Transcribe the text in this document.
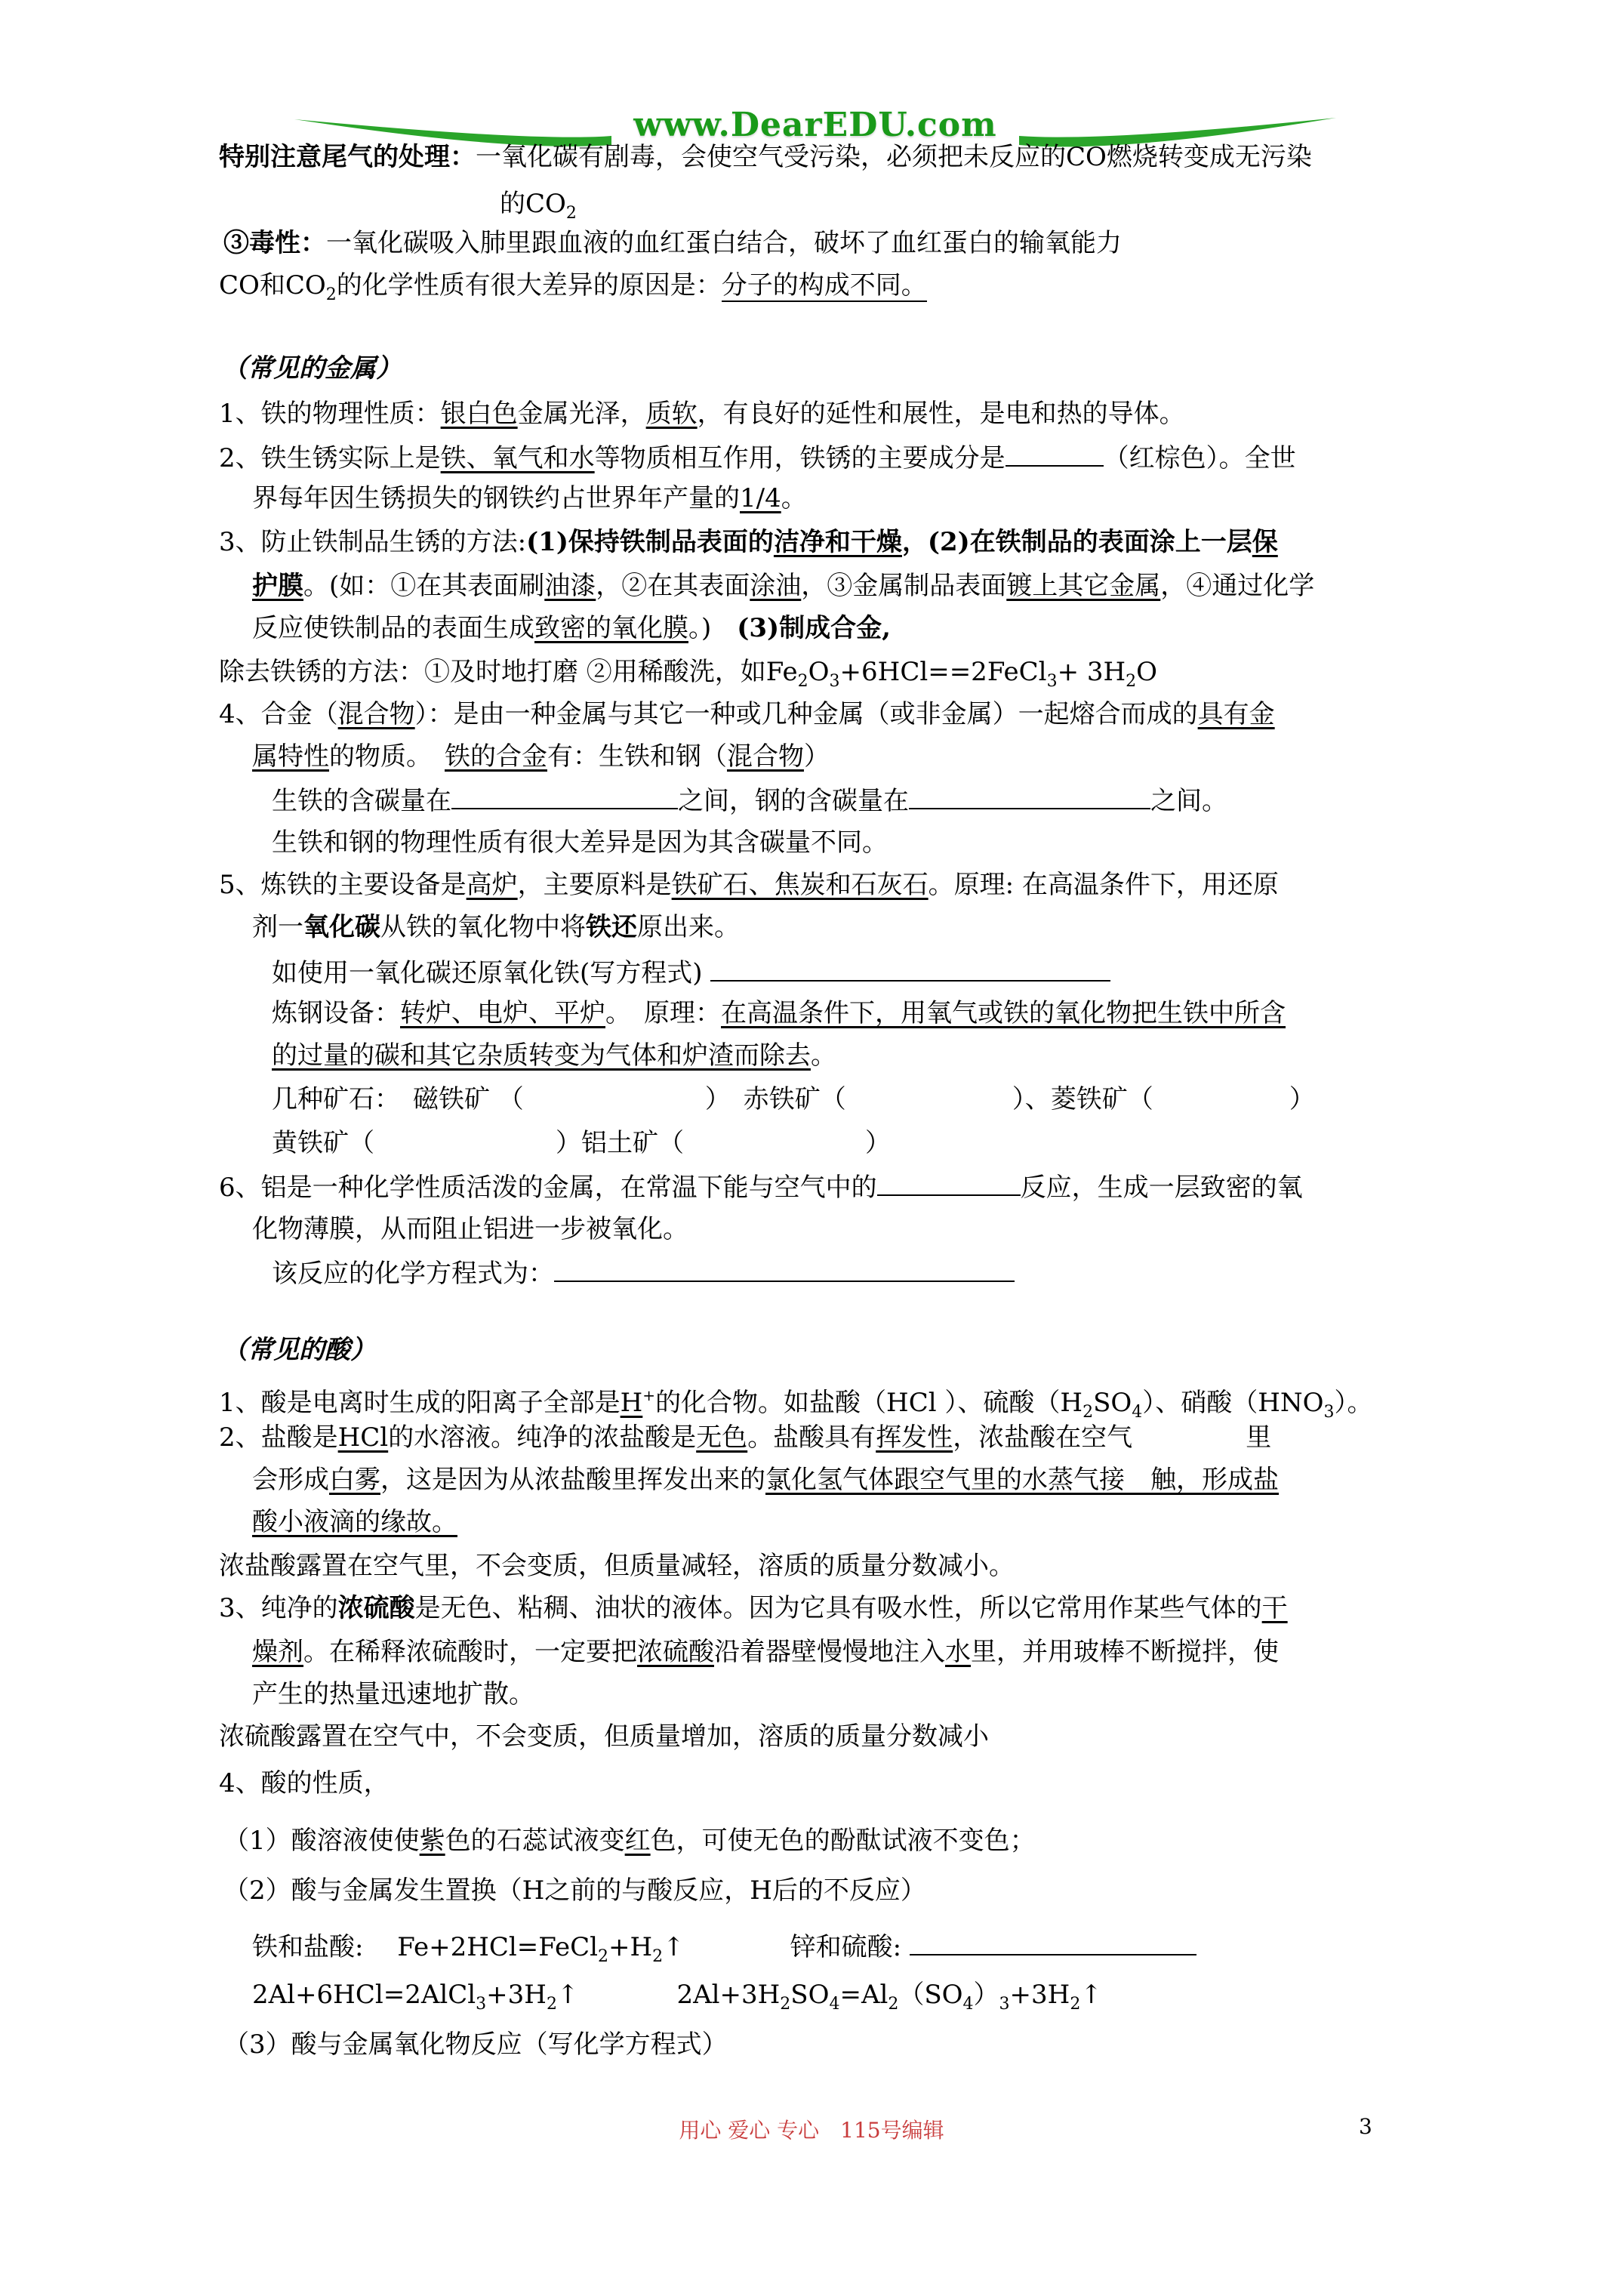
www.DearEDU.com
特别注意尾气的处理：一氧化碳有剧毒，会使空气受污染，必须把未反应的CO燃烧转变成无污染
的$CO_2$
③毒性：一氧化碳吸入肺里跟血液的血红蛋白结合，破坏了血红蛋白的输氧能力
CO和$CO_2$的化学性质有很大差异的原因是：分子的构成不同。
（常见的金属）
1、铁的物理性质：银白色金属光泽，质软，有良好的延性和展性，是电和热的导体。
2、铁生锈实际上是铁、氧气和水等物质相互作用，铁锈的主要成分是	（红棕色）。全世
界每年因生锈损失的钢铁约占世界年产量的1/4。
3、防止铁制品生锈的方法:(1)保持铁制品表面的洁净和干燥，(2)在铁制品的表面涂上一层保
护膜。(如：①在其表面刷油漆，②在其表面涂油，③金属制品表面镀上其它金属，④通过化学
反应使铁制品的表面生成致密的氧化膜。)　(3)制成合金,
除去铁锈的方法：①及时地打磨 ②用稀酸洗，如$Fe_2O_3+6HCl==2FeCl_3+ 3H_2O$
4、合金（混合物）：是由一种金属与其它一种或几种金属（或非金属）一起熔合而成的具有金
属特性的物质。　铁的合金有：生铁和钢（混合物）
生铁的含碳量在	之间，钢的含碳量在	之间。
生铁和钢的物理性质有很大差异是因为其含碳量不同。
5、炼铁的主要设备是高炉，主要原料是铁矿石、焦炭和石灰石。原理: 在高温条件下，用还原
剂一氧化碳从铁的氧化物中将铁还原出来。
如使用一氧化碳还原氧化铁(写方程式)
炼钢设备：转炉、电炉、平炉。　原理：在高温条件下，用氧气或铁的氧化物把生铁中所含
的过量的碳和其它杂质转变为气体和炉渣而除去。
几种矿石：　磁铁矿 （	）　赤铁矿（	）、菱铁矿（	）
黄铁矿（	）铝土矿（	）
6、铝是一种化学性质活泼的金属，在常温下能与空气中的	反应，生成一层致密的氧
化物薄膜，从而阻止铝进一步被氧化。
该反应的化学方程式为：
（常见的酸）
1、酸是电离时生成的阳离子全部是H+的化合物。如盐酸（HCl ）、硫酸$(H_2SO_4)$、硝酸$(HNO_3)$。
2、盐酸是HCl的水溶液。纯净的浓盐酸是无色。盐酸具有挥发性，浓盐酸在空气	里
会形成白雾，这是因为从浓盐酸里挥发出来的氯化氢气体跟空气里的水蒸气接　触，形成盐
酸小液滴的缘故。
浓盐酸露置在空气里，不会变质，但质量减轻，溶质的质量分数减小。
3、纯净的浓硫酸是无色、粘稠、油状的液体。因为它具有吸水性，所以它常用作某些气体的干
燥剂。在稀释浓硫酸时，一定要把浓硫酸沿着器壁慢慢地注入水里，并用玻棒不断搅拌，使
产生的热量迅速地扩散。
浓硫酸露置在空气中，不会变质，但质量增加，溶质的质量分数减小
4、酸的性质，
（1）酸溶液使使紫色的石蕊试液变红色，可使无色的酚酞试液不变色；
（2）酸与金属发生置换（H之前的与酸反应，H后的不反应）
铁和盐酸:　 $Fe+2HCl=FeCl_2+H_2↑$	锌和硫酸:
$2Al+6HCl=2AlCl_3+3H_2↑$	$2Al+3H_2SO_4=Al_2(SO_4)_3+3H_2↑$
（3）酸与金属氧化物反应（写化学方程式）
用心 爱心 专心　115号编辑	3
